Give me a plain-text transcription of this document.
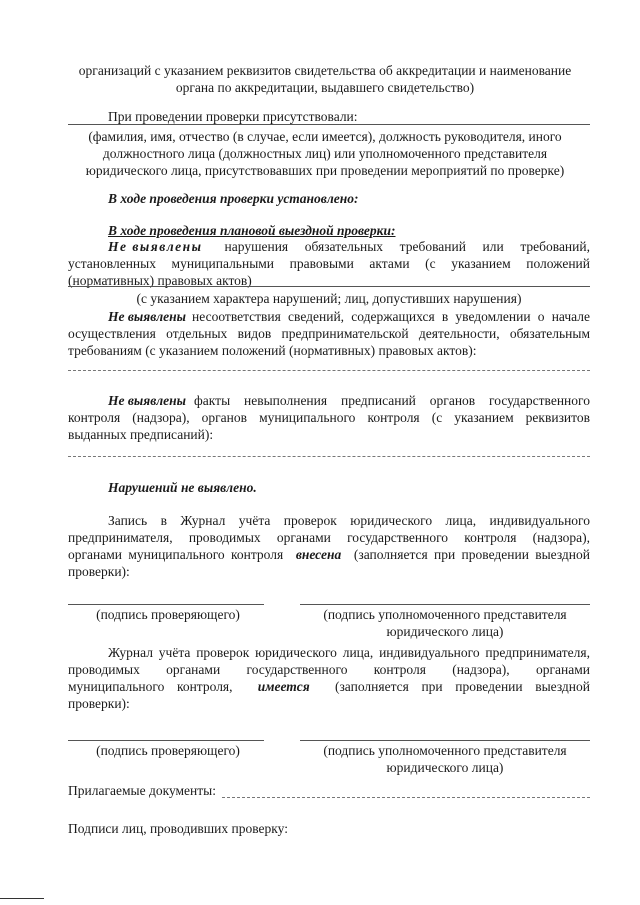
организаций с указанием реквизитов свидетельства об аккредитации и наименование
органа по аккредитации, выдавшего свидетельство)
При проведении проверки присутствовали:
(фамилия, имя, отчество (в случае, если имеется), должность руководителя, иного
должностного лица (должностных лиц) или уполномоченного представителя
юридического лица, присутствовавших при проведении мероприятий по проверке)
В ходе проведения проверки установлено:
В ходе проведения плановой выездной проверки:
Не выявлены нарушения обязательных требований или требований,
установленных муниципальными правовыми актами (с указанием положений
(нормативных) правовых актов)
(с указанием характера нарушений; лиц, допустивших нарушения)
Не выявлены несоответствия сведений, содержащихся в уведомлении о начале
осуществления отдельных видов предпринимательской деятельности, обязательным
требованиям (с указанием положений (нормативных) правовых актов):
Не выявлены факты невыполнения предписаний органов государственного
контроля (надзора), органов муниципального контроля (с указанием реквизитов
выданных предписаний):
Нарушений не выявлено.
Запись в Журнал учёта проверок юридического лица, индивидуального
предпринимателя, проводимых органами государственного контроля (надзора),
органами муниципального контроля внесена (заполняется при проведении выездной
проверки):
(подпись проверяющего)	(подпись уполномоченного представителя
юридического лица)
Журнал учёта проверок юридического лица, индивидуального предпринимателя,
проводимых органами государственного контроля (надзора), органами
муниципального контроля, имеется (заполняется при проведении выездной
проверки):
(подпись проверяющего)	(подпись уполномоченного представителя
юридического лица)
Прилагаемые документы:
Подписи лиц, проводивших проверку:
